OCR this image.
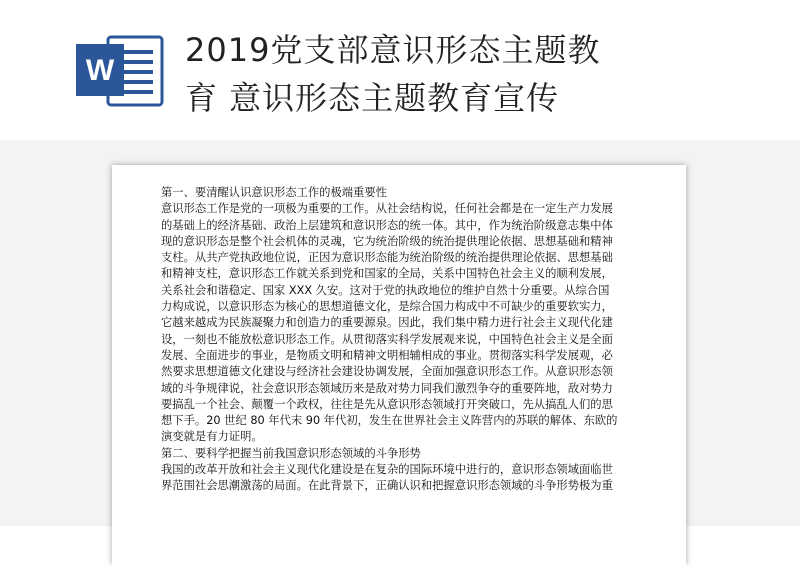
W
2019党支部意识形态主题教
育 意识形态主题教育宣传
第一、要清醒认识意识形态工作的极端重要性
意识形态工作是党的一项极为重要的工作。从社会结构说，任何社会都是在一定生产力发展
的基础上的经济基础、政治上层建筑和意识形态的统一体。其中，作为统治阶级意志集中体
现的意识形态是整个社会机体的灵魂，它为统治阶级的统治提供理论依据、思想基础和精神
支柱。从共产党执政地位说，正因为意识形态能为统治阶级的统治提供理论依据、思想基础
和精神支柱，意识形态工作就关系到党和国家的全局，关系中国特色社会主义的顺利发展，
关系社会和谐稳定、国家 XXX 久安。这对于党的执政地位的维护自然十分重要。从综合国
力构成说，以意识形态为核心的思想道德文化，是综合国力构成中不可缺少的重要软实力，
它越来越成为民族凝聚力和创造力的重要源泉。因此，我们集中精力进行社会主义现代化建
设，一刻也不能放松意识形态工作。从贯彻落实科学发展观来说，中国特色社会主义是全面
发展、全面进步的事业，是物质文明和精神文明相辅相成的事业。贯彻落实科学发展观，必
然要求思想道德文化建设与经济社会建设协调发展，全面加强意识形态工作。从意识形态领
域的斗争规律说，社会意识形态领域历来是敌对势力同我们激烈争夺的重要阵地，敌对势力
要搞乱一个社会、颠覆一个政权，往往是先从意识形态领域打开突破口，先从搞乱人们的思
想下手。20 世纪 80 年代末 90 年代初，发生在世界社会主义阵营内的苏联的解体、东欧的
演变就是有力证明。
第二、要科学把握当前我国意识形态领域的斗争形势
我国的改革开放和社会主义现代化建设是在复杂的国际环境中进行的，意识形态领域面临世
界范围社会思潮激荡的局面。在此背景下，正确认识和把握意识形态领域的斗争形势极为重
